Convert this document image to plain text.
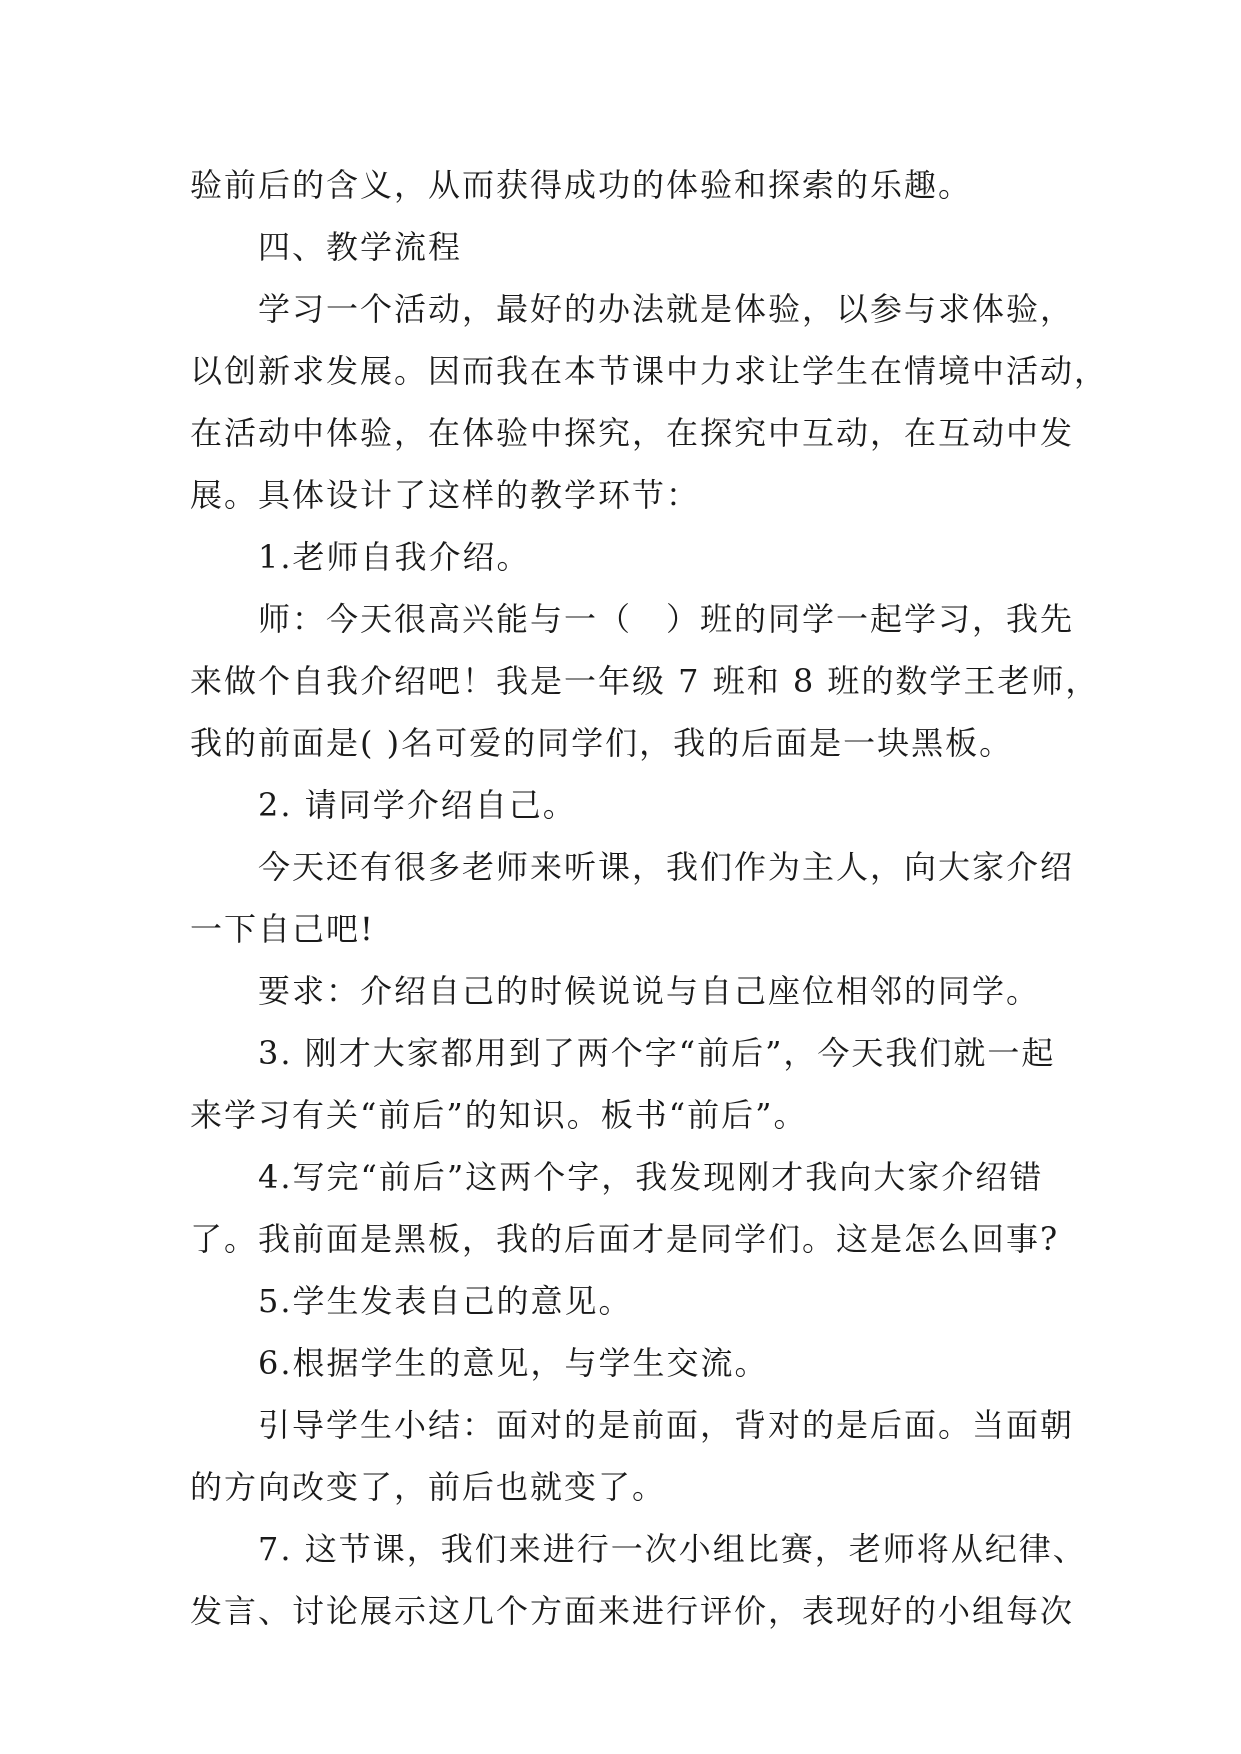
验前后的含义，从而获得成功的体验和探索的乐趣。
四、教学流程
学习一个活动，最好的办法就是体验，以参与求体验，
以创新求发展。因而我在本节课中力求让学生在情境中活动，
在活动中体验，在体验中探究，在探究中互动，在互动中发
展。具体设计了这样的教学环节：
1.老师自我介绍。
师：今天很高兴能与一（　）班的同学一起学习，我先
来做个自我介绍吧！我是一年级 7 班和 8 班的数学王老师，
我的前面是( )名可爱的同学们，我的后面是一块黑板。
2. 请同学介绍自己。
今天还有很多老师来听课，我们作为主人，向大家介绍
一下自己吧!
要求：介绍自己的时候说说与自己座位相邻的同学。
3. 刚才大家都用到了两个字“前后”，今天我们就一起
来学习有关“前后”的知识。板书“前后”。
4.写完“前后”这两个字，我发现刚才我向大家介绍错
了。我前面是黑板，我的后面才是同学们。这是怎么回事?
5.学生发表自己的意见。
6.根据学生的意见，与学生交流。
引导学生小结：面对的是前面，背对的是后面。当面朝
的方向改变了，前后也就变了。
7. 这节课，我们来进行一次小组比赛，老师将从纪律、
发言、讨论展示这几个方面来进行评价，表现好的小组每次
